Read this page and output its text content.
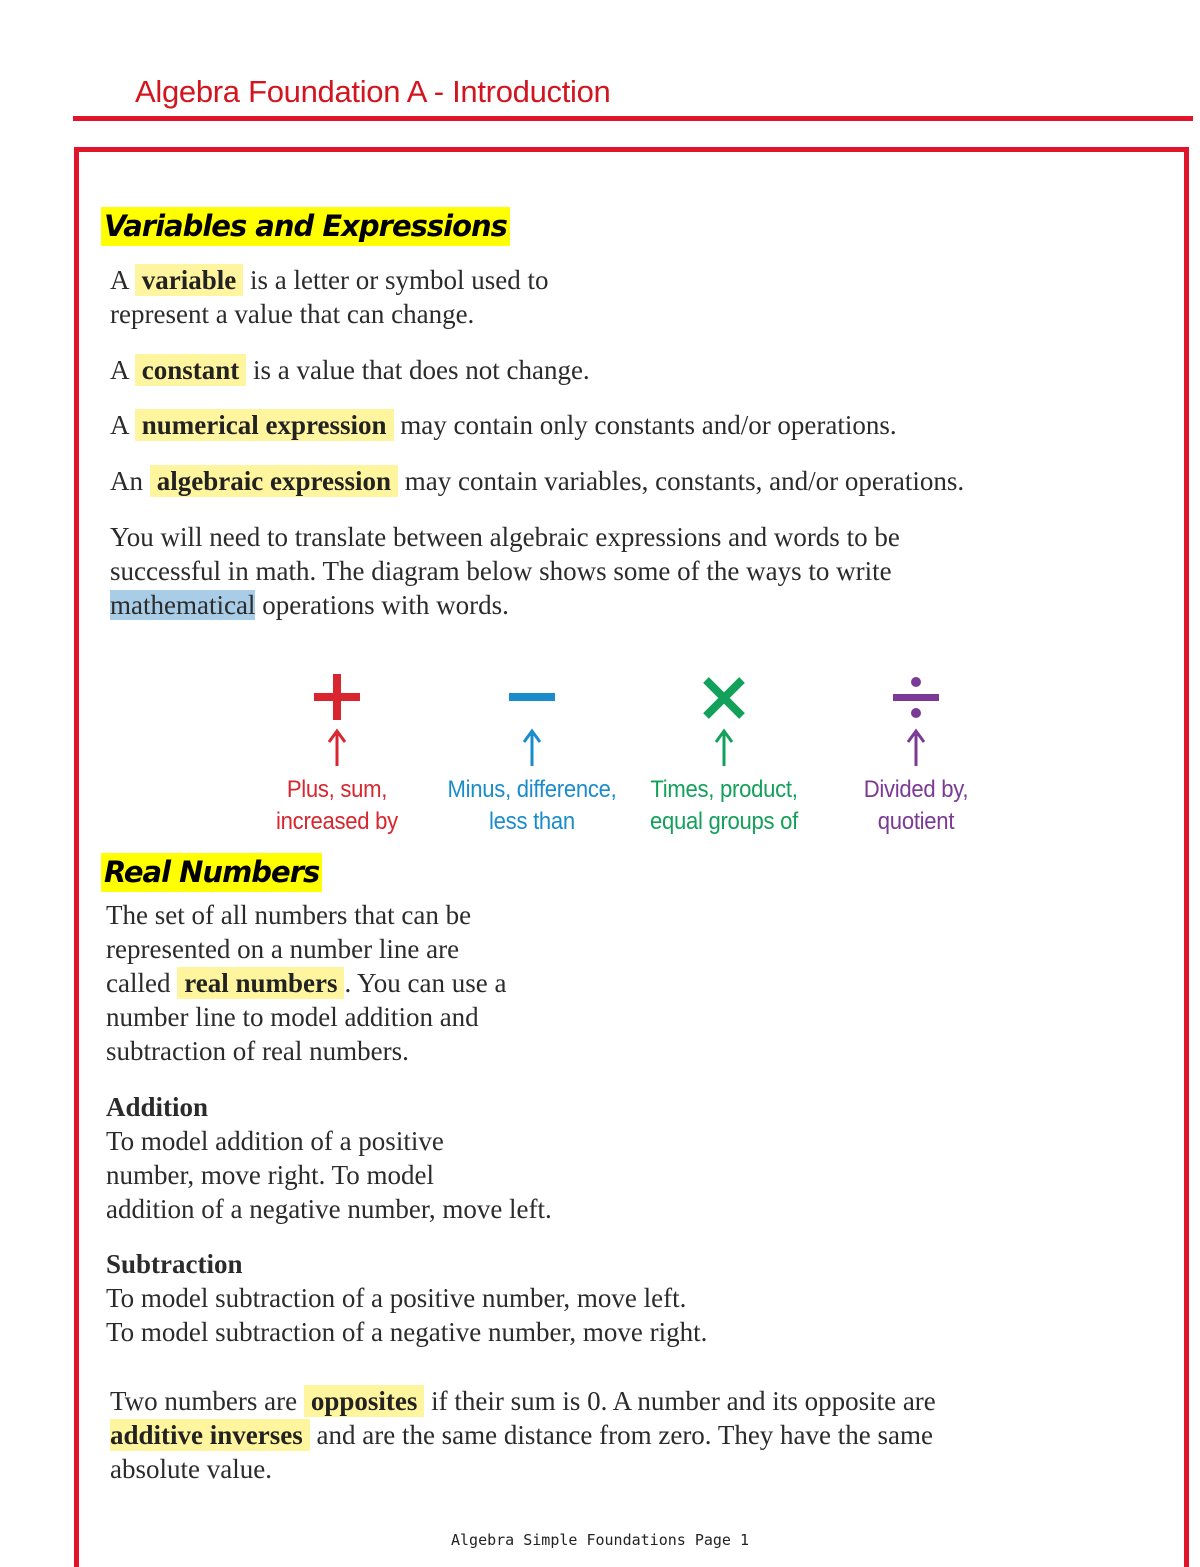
Algebra Foundation A - Introduction
Variables and Expressions

A variable is a letter or symbol used to
represent a value that can change.

A constant is a value that does not change.

A numerical expression may contain only constants and/or operations.

An algebraic expression may contain variables, constants, and/or operations.

You will need to translate between algebraic expressions and words to be
successful in math. The diagram below shows some of the ways to write
mathematical operations with words.

Plus, sum,
increased by
Minus, difference,
less than
Times, product,
equal groups of
Divided by,
quotient
Real Numbers

The set of all numbers that can be
represented on a number line are
called real numbers . You can use a
number line to model addition and
subtraction of real numbers.

Addition
To model addition of a positive
number, move right. To model
addition of a negative number, move left.

Subtraction
To model subtraction of a positive number, move left.
To model subtraction of a negative number, move right.

Two numbers are opposites if their sum is 0. A number and its opposite are
additive inverses and are the same distance from zero. They have the same
absolute value.

Algebra Simple Foundations Page 1
